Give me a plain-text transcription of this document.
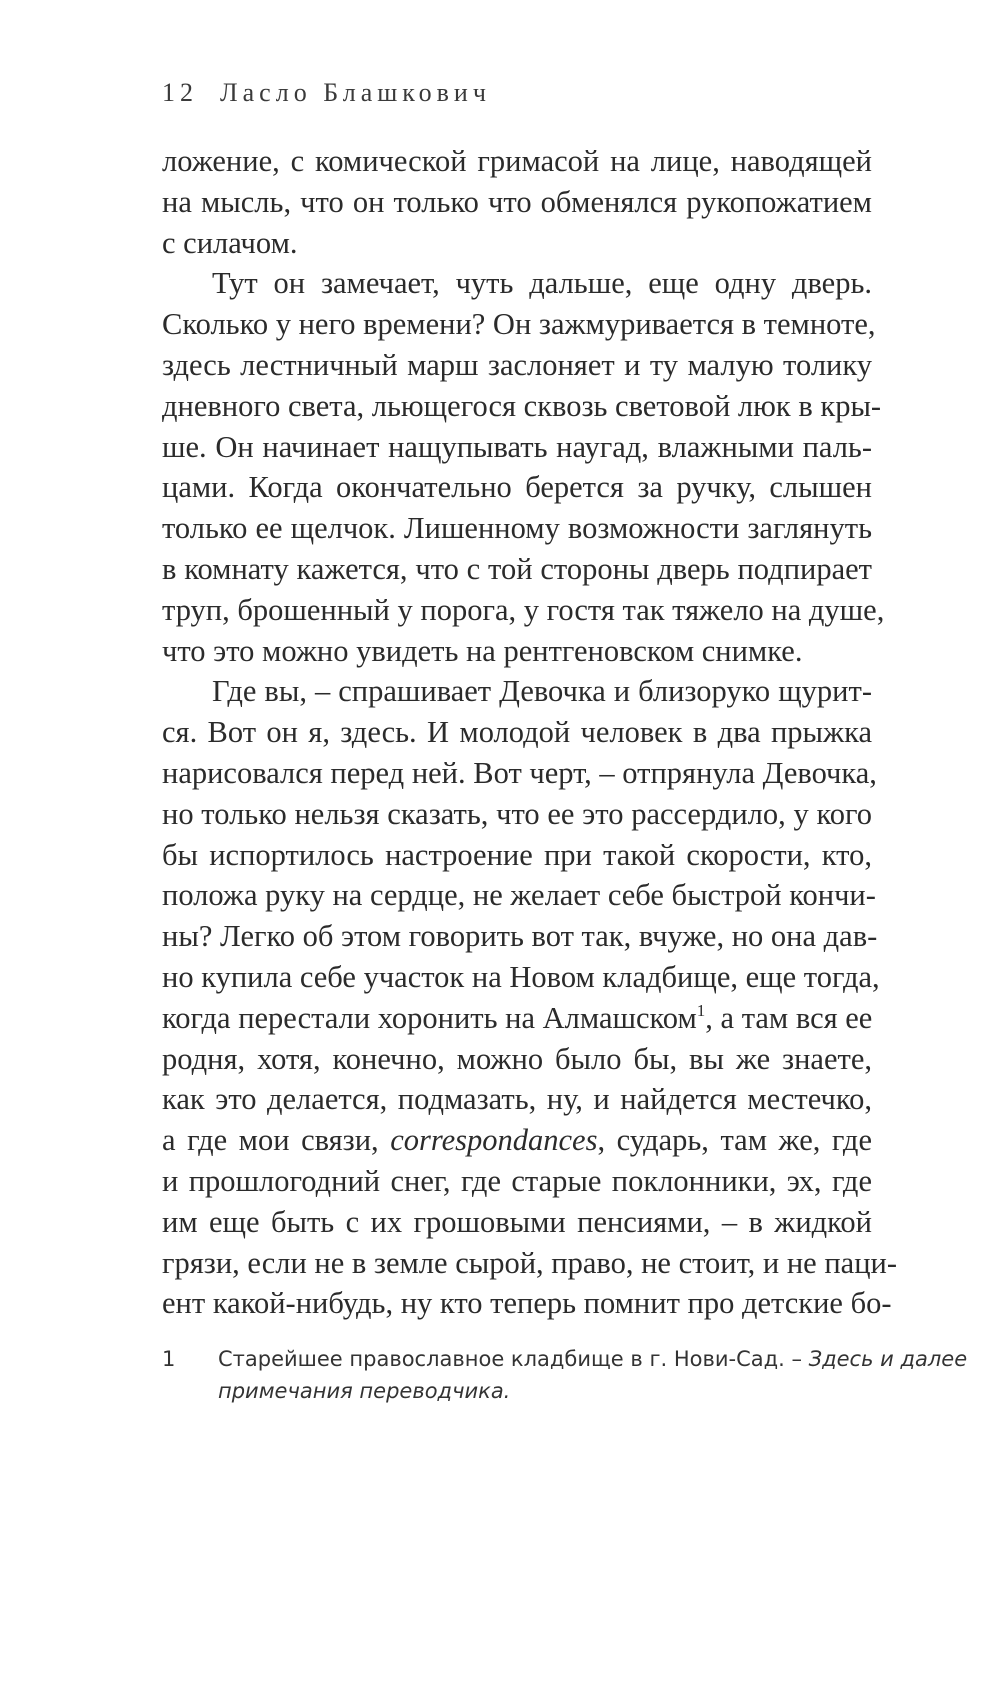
12 Ласло Блашкович
ложение, с комической гримасой на лице, наводящей
на мысль, что он только что обменялся рукопожатием
с силачом.
Тут он замечает, чуть дальше, еще одну дверь.
Сколько у него времени? Он зажмуривается в темноте,
здесь лестничный марш заслоняет и ту малую толику
дневного света, льющегося сквозь световой люк в кры-
ше. Он начинает нащупывать наугад, влажными паль-
цами. Когда окончательно берется за ручку, слышен
только ее щелчок. Лишенному возможности заглянуть
в комнату кажется, что с той стороны дверь подпирает
труп, брошенный у порога, у гостя так тяжело на душе,
что это можно увидеть на рентгеновском снимке.
Где вы, – спрашивает Девочка и близоруко щурит-
ся. Вот он я, здесь. И молодой человек в два прыжка
нарисовался перед ней. Вот черт, – отпрянула Девочка,
но только нельзя сказать, что ее это рассердило, у кого
бы испортилось настроение при такой скорости, кто,
положа руку на сердце, не желает себе быстрой кончи-
ны? Легко об этом говорить вот так, вчуже, но она дав-
но купила себе участок на Новом кладбище, еще тогда,
когда перестали хоронить на Алмашском$^1$, а там вся ее
родня, хотя, конечно, можно было бы, вы же знаете,
как это делается, подмазать, ну, и найдется местечко,
а где мои связи, correspondances, сударь, там же, где
и прошлогодний снег, где старые поклонники, эх, где
им еще быть с их грошовыми пенсиями, – в жидкой
грязи, если не в земле сырой, право, не стоит, и не паци-
ент какой-нибудь, ну кто теперь помнит про детские бо-
1	Старейшее православное кладбище в г. Нови-Сад. – Здесь и далее
примечания переводчика.
